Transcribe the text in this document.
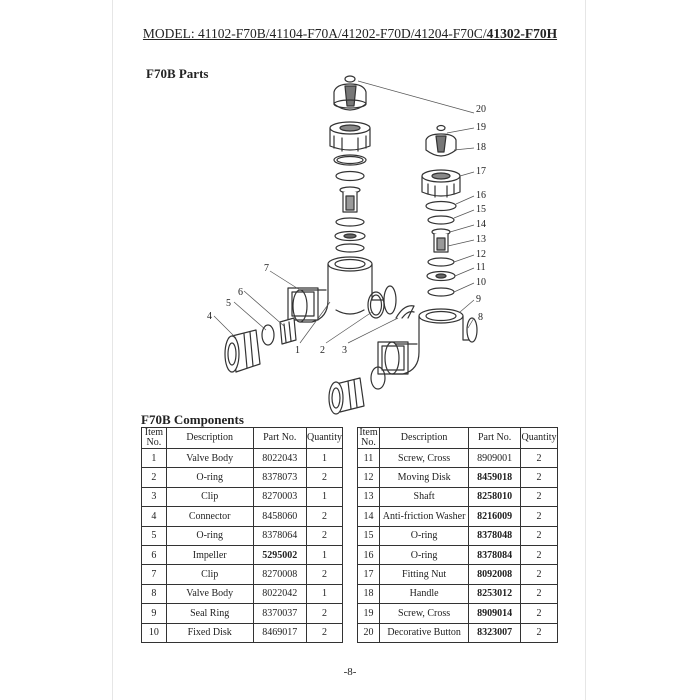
MODEL: 41102-F70B/41104-F70A/41202-F70D/41204-F70C/41302-F70H
F70B Parts
20
19
18
17
16
15
14
13
12
11
10
9
8
7
6
5
4
1 2 3
F70B Components
Item No.	Description	Part No.	Quantity
1	Valve Body	8022043	1
2	O-ring	8378073	2
3	Clip	8270003	1
4	Connector	8458060	2
5	O-ring	8378064	2
6	Impeller	5295002	1
7	Clip	8270008	2
8	Valve Body	8022042	1
9	Seal Ring	8370037	2
10	Fixed Disk	8469017	2
Item No.	Description	Part No.	Quantity
11	Screw, Cross	8909001	2
12	Moving Disk	8459018	2
13	Shaft	8258010	2
14	Anti-friction Washer	8216009	2
15	O-ring	8378048	2
16	O-ring	8378084	2
17	Fitting Nut	8092008	2
18	Handle	8253012	2
19	Screw, Cross	8909014	2
20	Decorative Button	8323007	2
-8-
